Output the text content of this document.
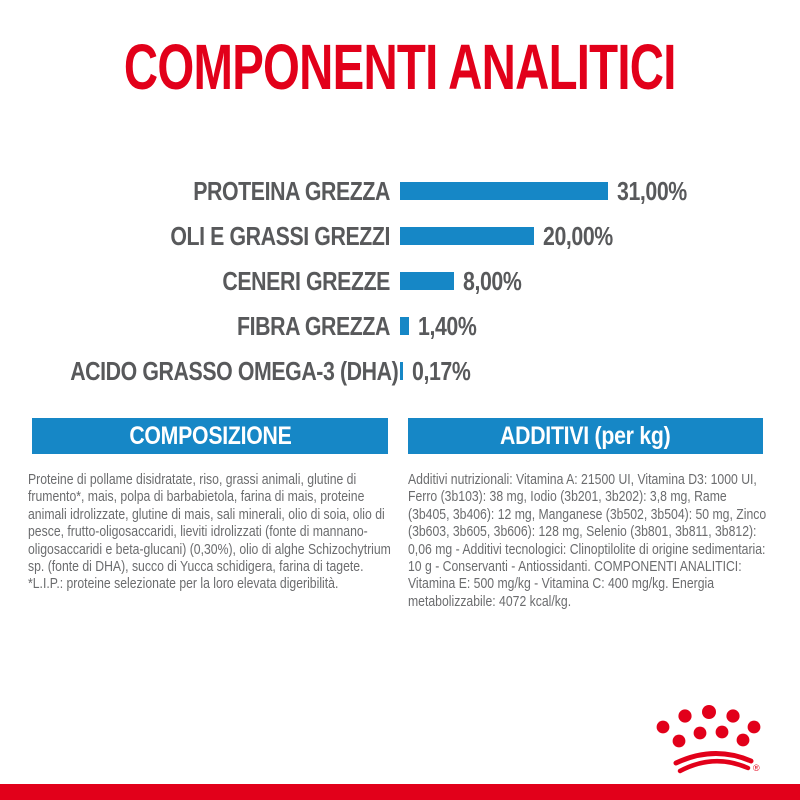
COMPONENTI ANALITICI
PROTEINA GREZZA	31,00%
OLI E GRASSI GREZZI	20,00%
CENERI GREZZE	8,00%
FIBRA GREZZA 1,40%
ACIDO GRASSO OMEGA-3 (DHA) 0,17%
COMPOSIZIONE	ADDITIVI (per kg)

Proteine di pollame disidratate, riso, grassi animali, glutine di frumento*, mais, polpa di barbabietola, farina di mais, proteine animali idrolizzate, glutine di mais, sali minerali, olio di soia, olio di pesce, frutto-oligosaccaridi, lieviti idrolizzati (fonte di mannano-oligosaccaridi e beta-glucani) (0,30%), olio di alghe Schizochytrium sp. (fonte di DHA), succo di Yucca schidigera, farina di tagete.

*L.I.P.: proteine selezionate per la loro elevata digeribilità.

Additivi nutrizionali: Vitamina A: 21500 UI, Vitamina D3: 1000 UI, Ferro (3b103): 38 mg, Iodio (3b201, 3b202): 3,8 mg, Rame (3b405, 3b406): 12 mg, Manganese (3b502, 3b504): 50 mg, Zinco (3b603, 3b605, 3b606): 128 mg, Selenio (3b801, 3b811, 3b812): 0,06 mg - Additivi tecnologici: Clinoptilolite di origine sedimentaria: 10 g - Conservanti - Antiossidanti. COMPONENTI ANALITICI: Vitamina E: 500 mg/kg - Vitamina C: 400 mg/kg. Energia metabolizzabile: 4072 kcal/kg.

®
